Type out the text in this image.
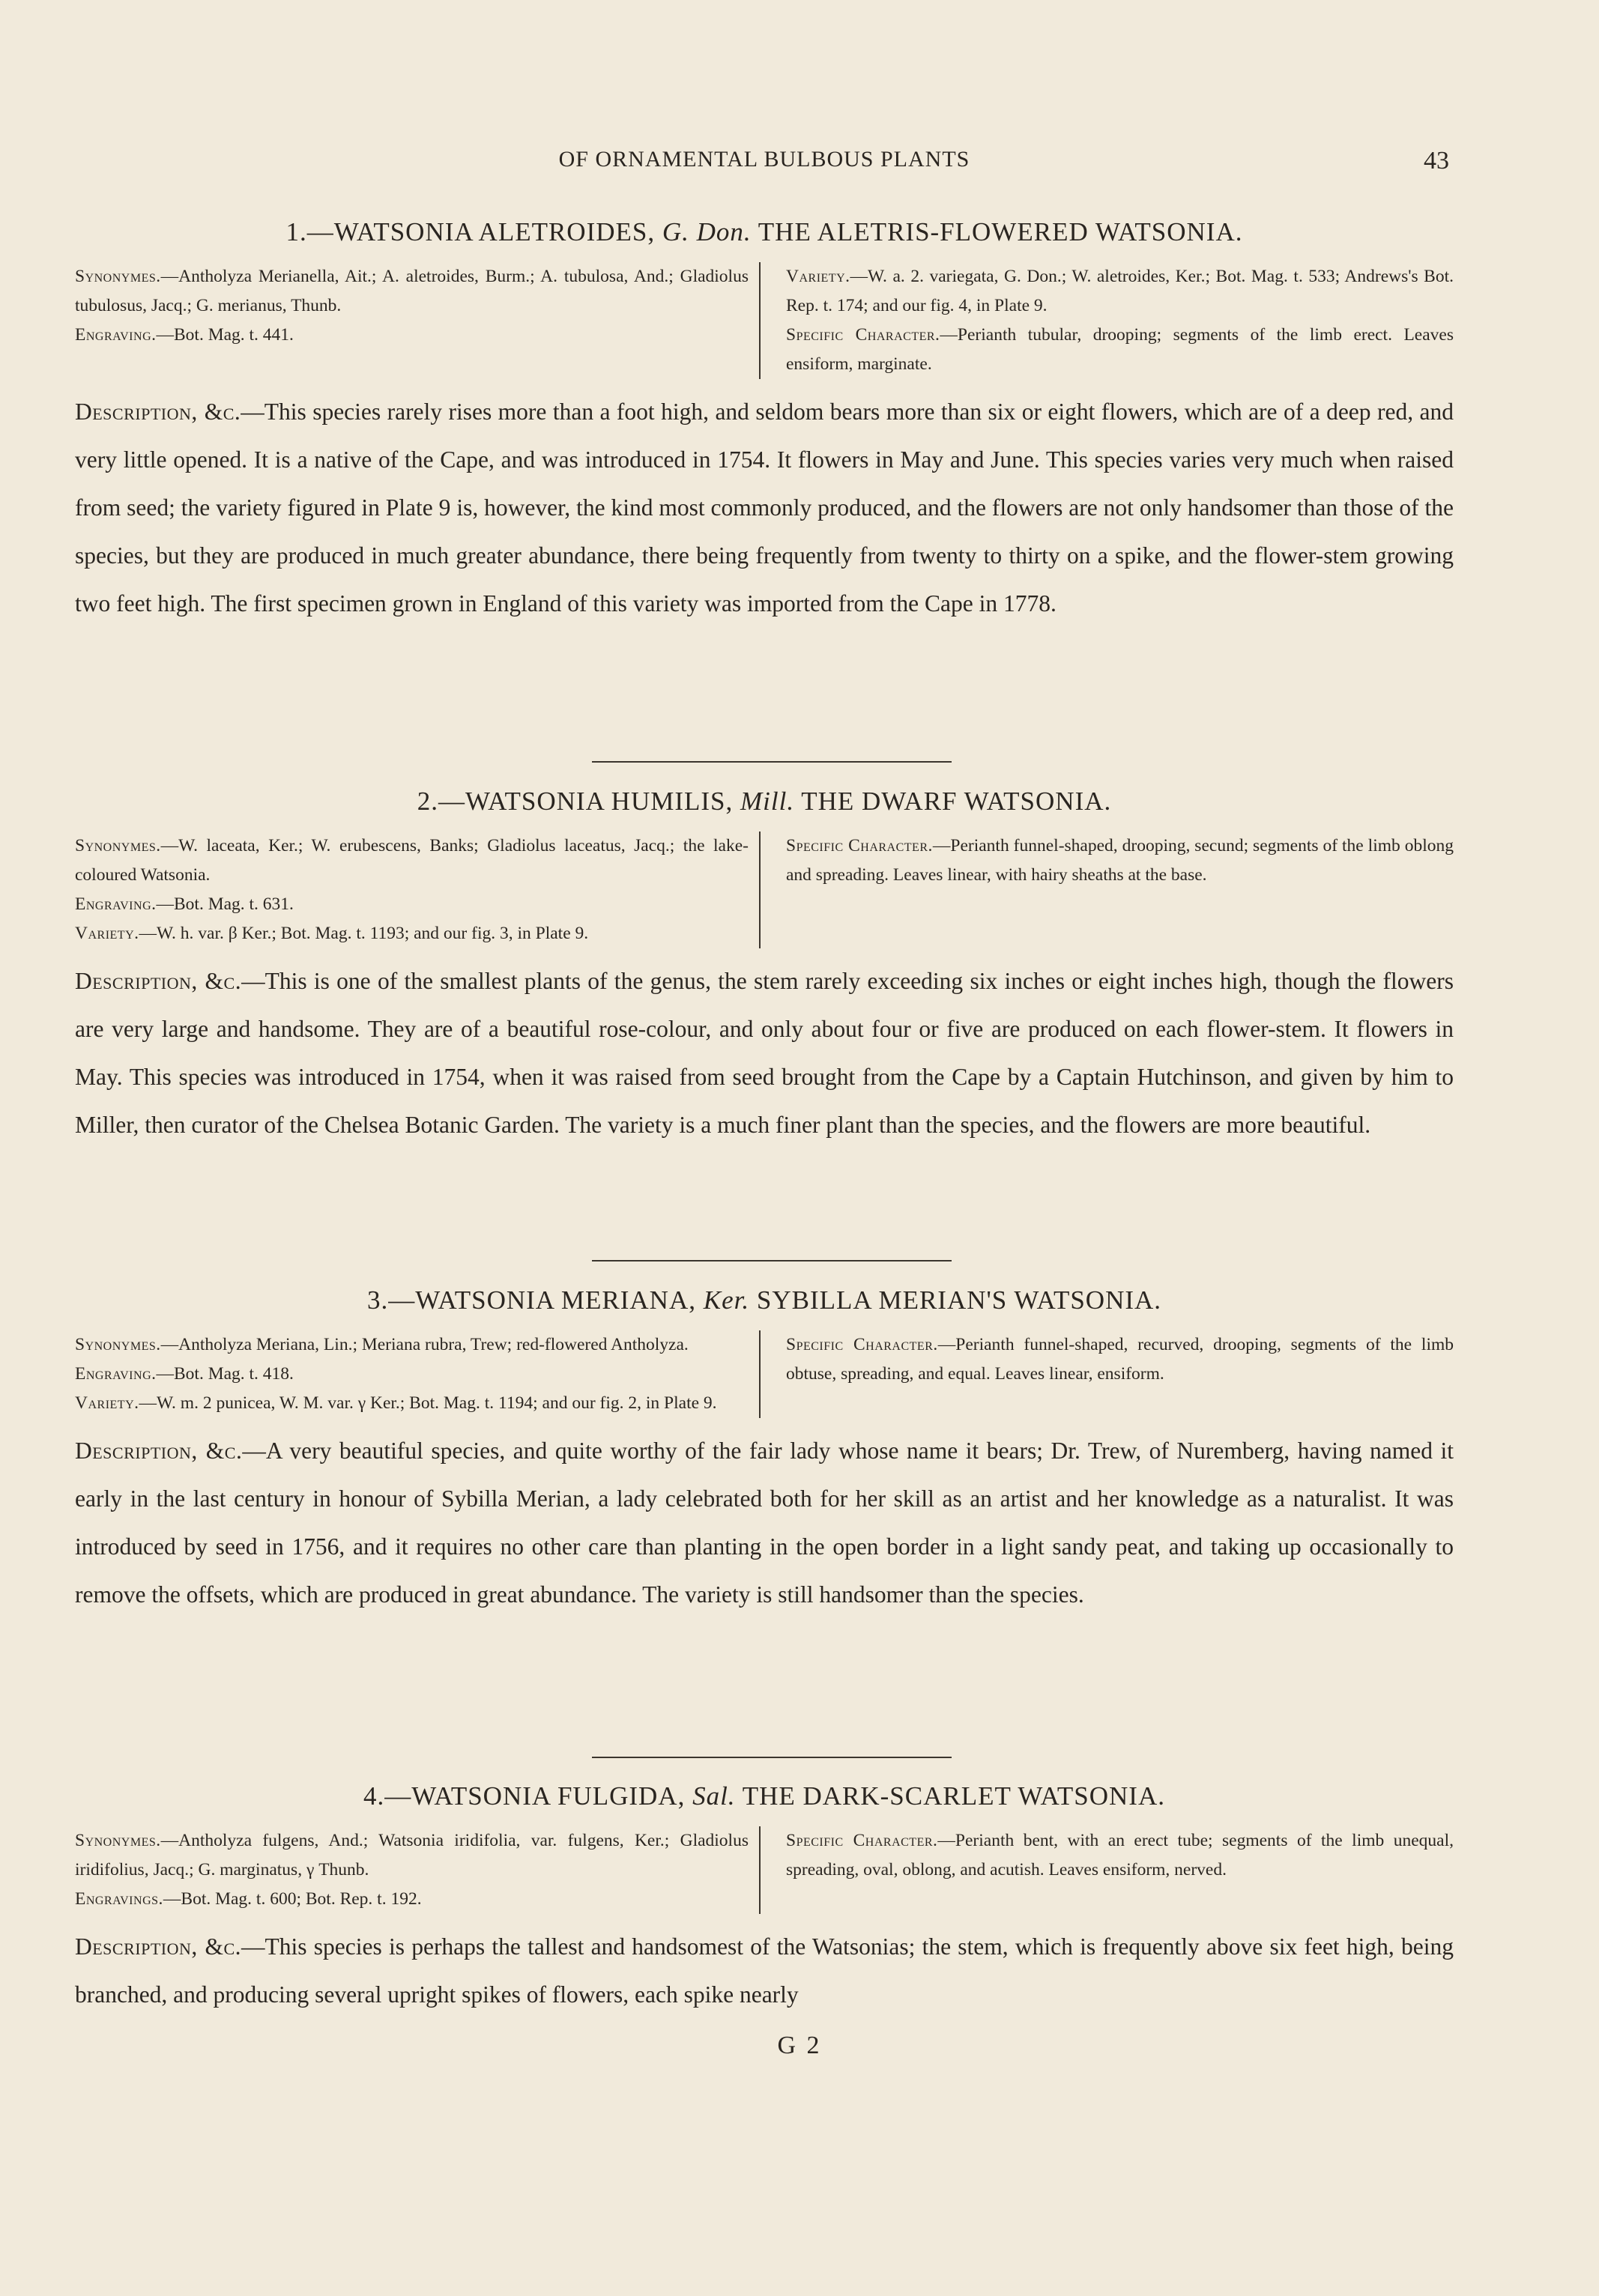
OF ORNAMENTAL BULBOUS PLANTS	43
1.—WATSONIA ALETROIDES, G. Don. THE ALETRIS-FLOWERED WATSONIA.

Synonymes.—Antholyza Merianella, Ait.; A. aletroides, Burm.; A. tubulosa, And.; Gladiolus tubulosus, Jacq.; G. merianus, Thunb.

Engraving.—Bot. Mag. t. 441.

Variety.—W. a. 2. variegata, G. Don.; W. aletroides, Ker.; Bot. Mag. t. 533; Andrews's Bot. Rep. t. 174; and our fig. 4, in Plate 9.

Specific Character.—Perianth tubular, drooping; segments of the limb erect. Leaves ensiform, marginate.

Description, &c.—This species rarely rises more than a foot high, and seldom bears more than six or eight flowers, which are of a deep red, and very little opened. It is a native of the Cape, and was introduced in 1754. It flowers in May and June. This species varies very much when raised from seed; the variety figured in Plate 9 is, however, the kind most commonly produced, and the flowers are not only handsomer than those of the species, but they are produced in much greater abundance, there being frequently from twenty to thirty on a spike, and the flower-stem growing two feet high. The first specimen grown in England of this variety was imported from the Cape in 1778.
2.—WATSONIA HUMILIS, Mill. THE DWARF WATSONIA.

Synonymes.—W. laceata, Ker.; W. erubescens, Banks; Gladiolus laceatus, Jacq.; the lake-coloured Watsonia.

Engraving.—Bot. Mag. t. 631.

Variety.—W. h. var. β Ker.; Bot. Mag. t. 1193; and our fig. 3, in Plate 9.

Specific Character.—Perianth funnel-shaped, drooping, secund; segments of the limb oblong and spreading. Leaves linear, with hairy sheaths at the base.

Description, &c.—This is one of the smallest plants of the genus, the stem rarely exceeding six inches or eight inches high, though the flowers are very large and handsome. They are of a beautiful rose-colour, and only about four or five are produced on each flower-stem. It flowers in May. This species was introduced in 1754, when it was raised from seed brought from the Cape by a Captain Hutchinson, and given by him to Miller, then curator of the Chelsea Botanic Garden. The variety is a much finer plant than the species, and the flowers are more beautiful.
3.—WATSONIA MERIANA, Ker. SYBILLA MERIAN'S WATSONIA.

Synonymes.—Antholyza Meriana, Lin.; Meriana rubra, Trew; red-flowered Antholyza.

Engraving.—Bot. Mag. t. 418.

Variety.—W. m. 2 punicea, W. M. var. γ Ker.; Bot. Mag. t. 1194; and our fig. 2, in Plate 9.

Specific Character.—Perianth funnel-shaped, recurved, drooping, segments of the limb obtuse, spreading, and equal. Leaves linear, ensiform.

Description, &c.—A very beautiful species, and quite worthy of the fair lady whose name it bears; Dr. Trew, of Nuremberg, having named it early in the last century in honour of Sybilla Merian, a lady celebrated both for her skill as an artist and her knowledge as a naturalist. It was introduced by seed in 1756, and it requires no other care than planting in the open border in a light sandy peat, and taking up occasionally to remove the offsets, which are produced in great abundance. The variety is still handsomer than the species.
4.—WATSONIA FULGIDA, Sal. THE DARK-SCARLET WATSONIA.

Synonymes.—Antholyza fulgens, And.; Watsonia iridifolia, var. fulgens, Ker.; Gladiolus iridifolius, Jacq.; G. marginatus, γ Thunb.

Engravings.—Bot. Mag. t. 600; Bot. Rep. t. 192.

Specific Character.—Perianth bent, with an erect tube; segments of the limb unequal, spreading, oval, oblong, and acutish. Leaves ensiform, nerved.

Description, &c.—This species is perhaps the tallest and handsomest of the Watsonias; the stem, which is frequently above six feet high, being branched, and producing several upright spikes of flowers, each spike nearly
G 2
